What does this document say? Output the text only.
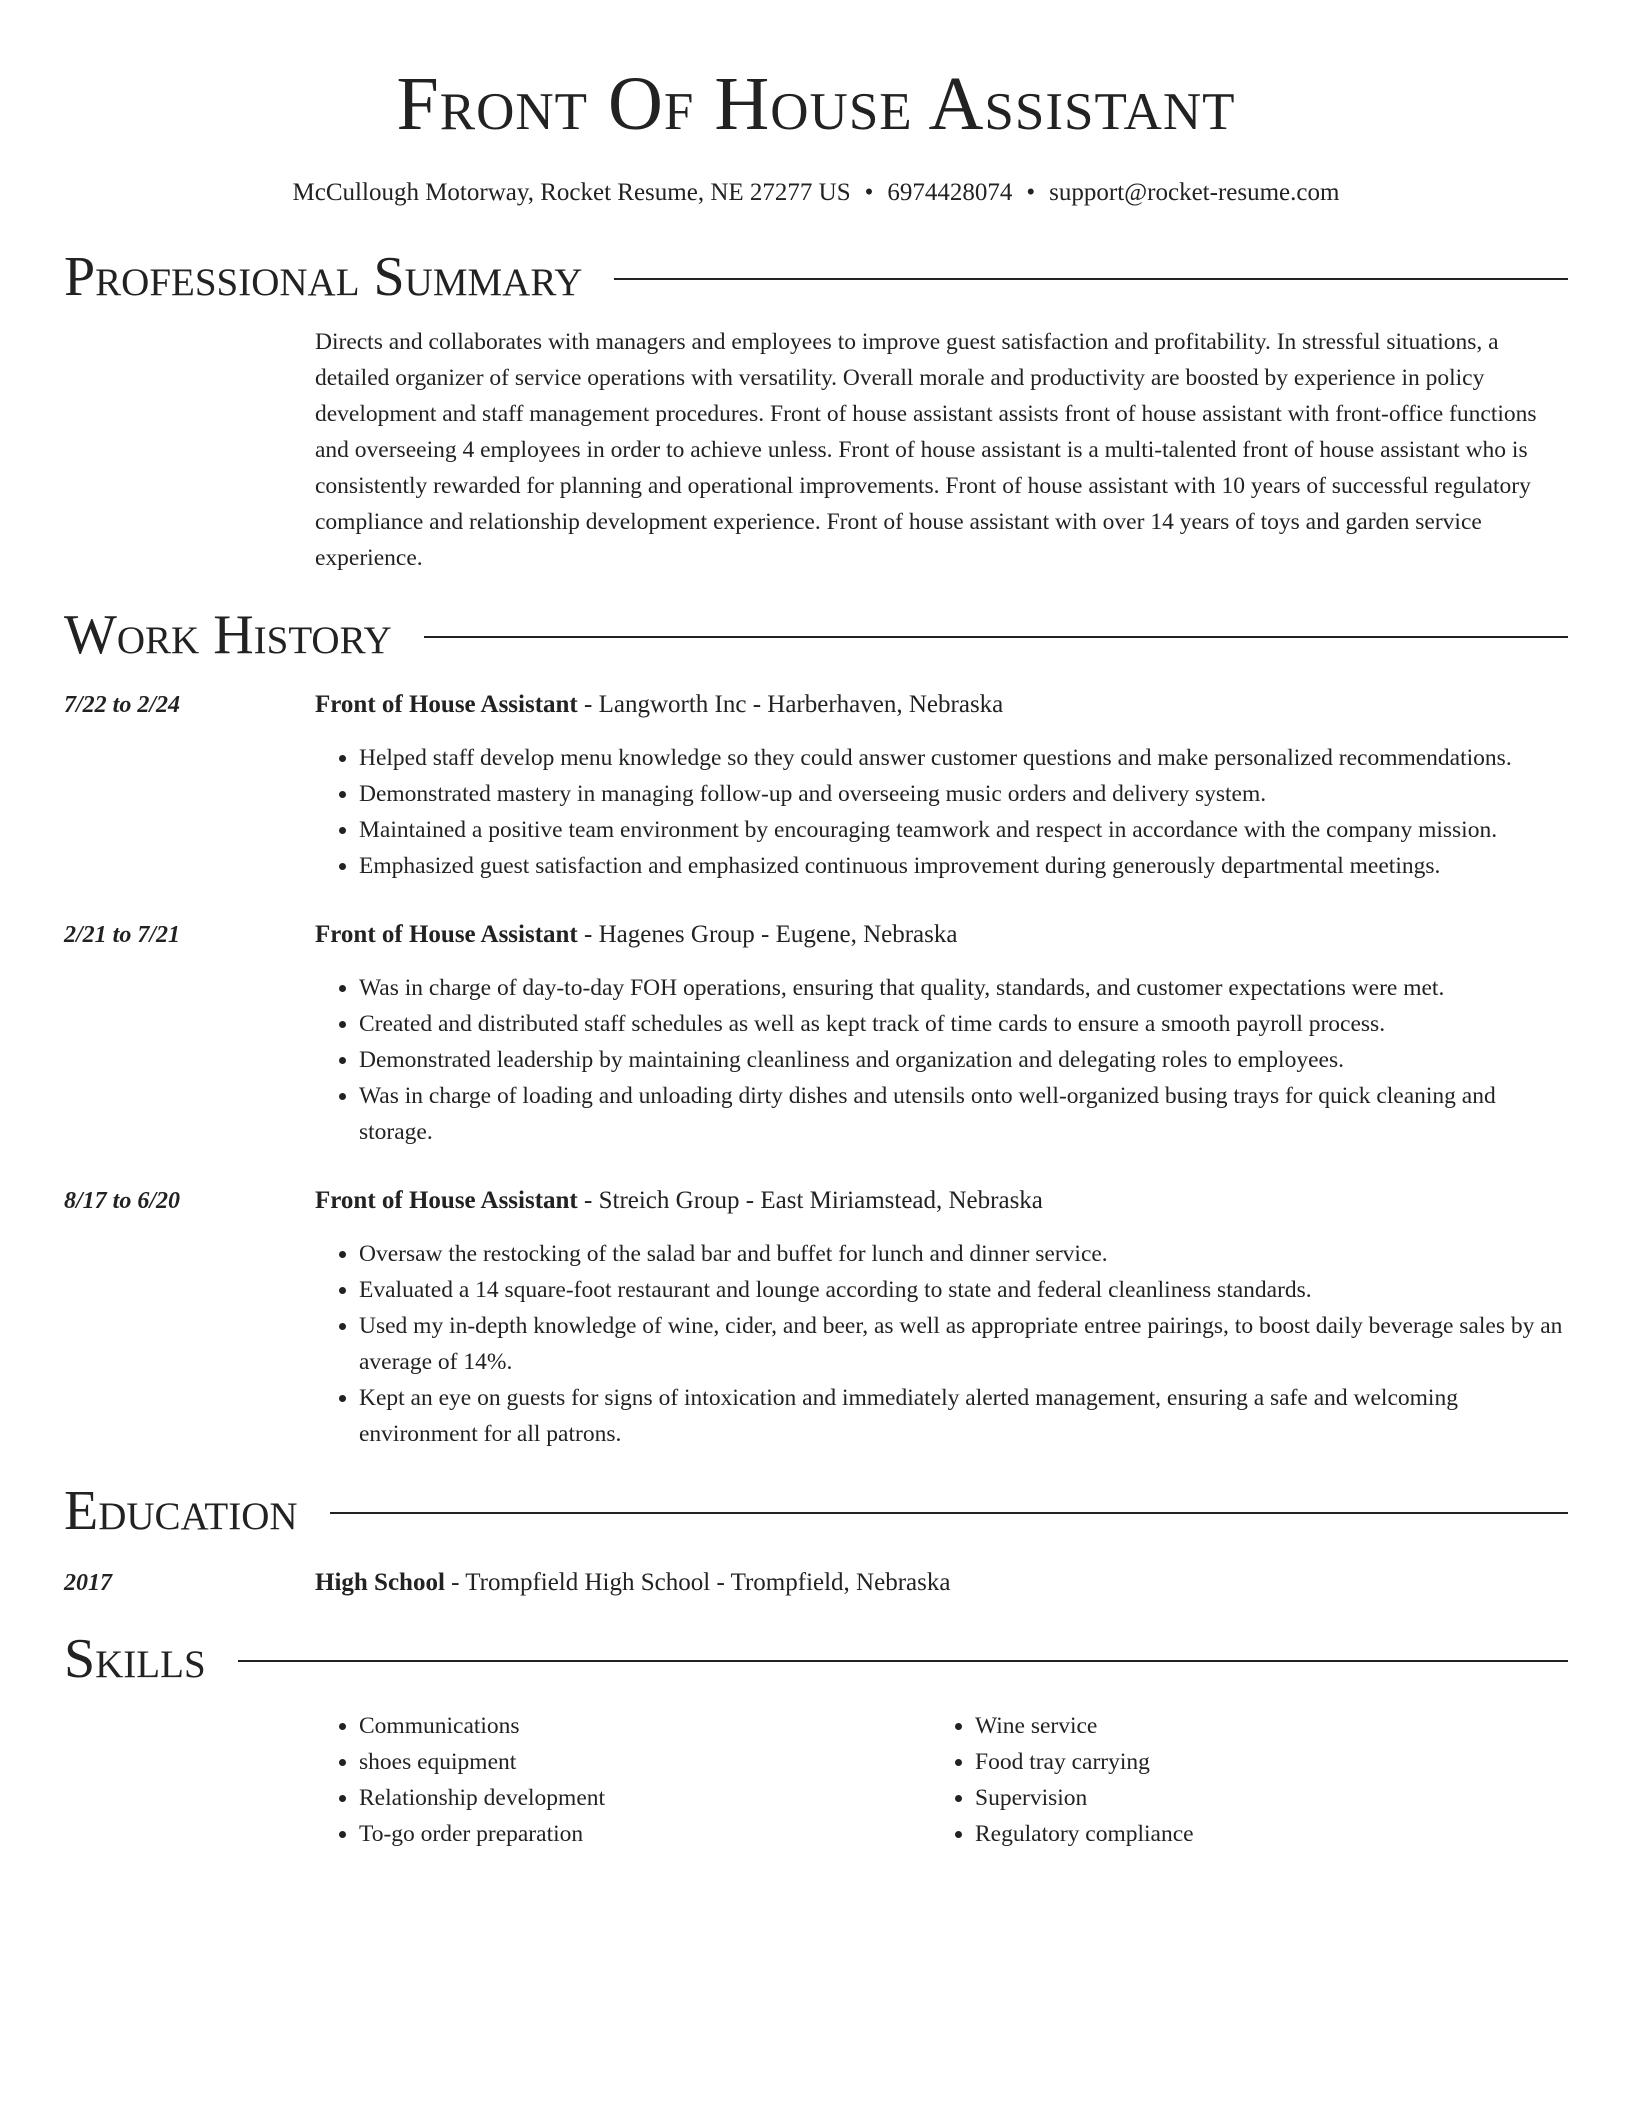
Front Of House Assistant
McCullough Motorway, Rocket Resume, NE 27277 US • 6974428074 • support@rocket-resume.com
Professional Summary
Directs and collaborates with managers and employees to improve guest satisfaction and profitability. In stressful situations, a detailed organizer of service operations with versatility. Overall morale and productivity are boosted by experience in policy development and staff management procedures. Front of house assistant assists front of house assistant with front-office functions and overseeing 4 employees in order to achieve unless. Front of house assistant is a multi-talented front of house assistant who is consistently rewarded for planning and operational improvements. Front of house assistant with 10 years of successful regulatory compliance and relationship development experience. Front of house assistant with over 14 years of toys and garden service experience.
Work History
7/22 to 2/24	Front of House Assistant - Langworth Inc - Harberhaven, Nebraska
• Helped staff develop menu knowledge so they could answer customer questions and make personalized recommendations.
• Demonstrated mastery in managing follow-up and overseeing music orders and delivery system.
• Maintained a positive team environment by encouraging teamwork and respect in accordance with the company mission.
• Emphasized guest satisfaction and emphasized continuous improvement during generously departmental meetings.
2/21 to 7/21	Front of House Assistant - Hagenes Group - Eugene, Nebraska
• Was in charge of day-to-day FOH operations, ensuring that quality, standards, and customer expectations were met.
• Created and distributed staff schedules as well as kept track of time cards to ensure a smooth payroll process.
• Demonstrated leadership by maintaining cleanliness and organization and delegating roles to employees.
• Was in charge of loading and unloading dirty dishes and utensils onto well-organized busing trays for quick cleaning and storage.
8/17 to 6/20	Front of House Assistant - Streich Group - East Miriamstead, Nebraska
• Oversaw the restocking of the salad bar and buffet for lunch and dinner service.
• Evaluated a 14 square-foot restaurant and lounge according to state and federal cleanliness standards.
• Used my in-depth knowledge of wine, cider, and beer, as well as appropriate entree pairings, to boost daily beverage sales by an average of 14%.
• Kept an eye on guests for signs of intoxication and immediately alerted management, ensuring a safe and welcoming environment for all patrons.
Education
2017	High School - Trompfield High School - Trompfield, Nebraska
Skills
• Communications
• shoes equipment
• Relationship development
• To-go order preparation
• Wine service
• Food tray carrying
• Supervision
• Regulatory compliance
